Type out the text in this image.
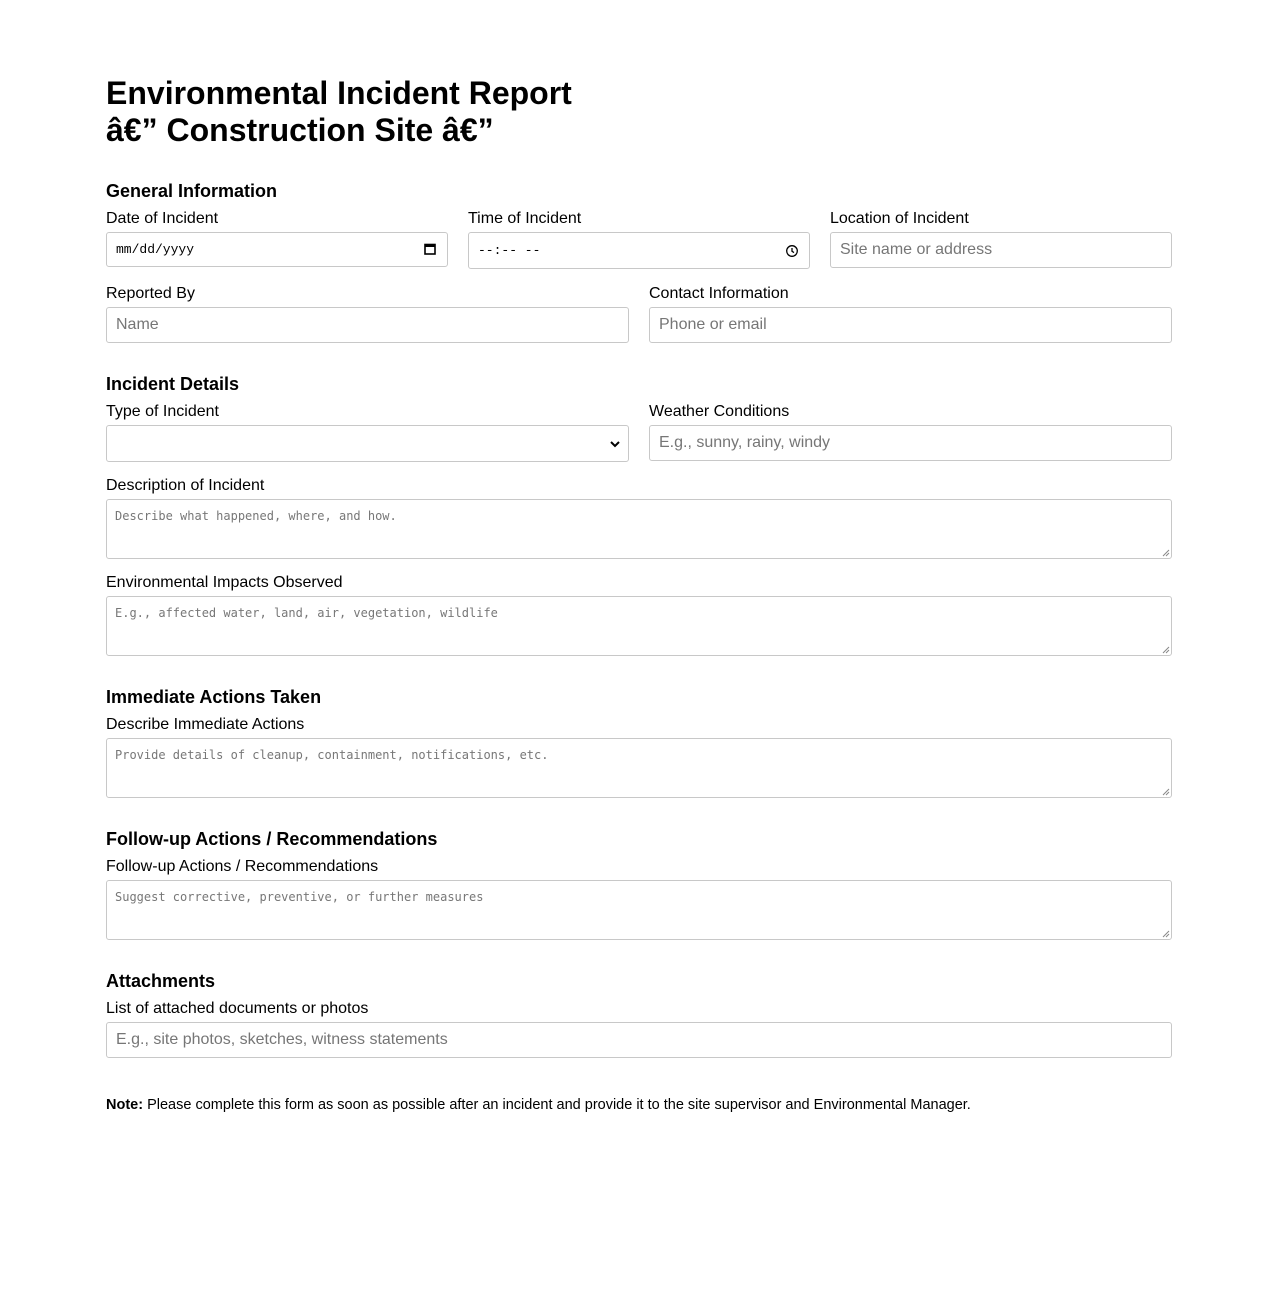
Environmental Incident Report
â€” Construction Site â€”
General Information
Date of Incident
mm/dd/yyyy
Time of Incident
--:-- --
Location of Incident
Site name or address
Reported By
Name
Contact Information
Phone or email
Incident Details
Type of Incident	Weather Conditions
E.g., sunny, rainy, windy
Description of Incident
Describe what happened, where, and how.
Environmental Impacts Observed
E.g., affected water, land, air, vegetation, wildlife
Immediate Actions Taken
Describe Immediate Actions
Provide details of cleanup, containment, notifications, etc.
Follow-up Actions / Recommendations
Follow-up Actions / Recommendations
Suggest corrective, preventive, or further measures
Attachments
List of attached documents or photos
E.g., site photos, sketches, witness statements
Note: Please complete this form as soon as possible after an incident and provide it to the site supervisor and Environmental Manager.
